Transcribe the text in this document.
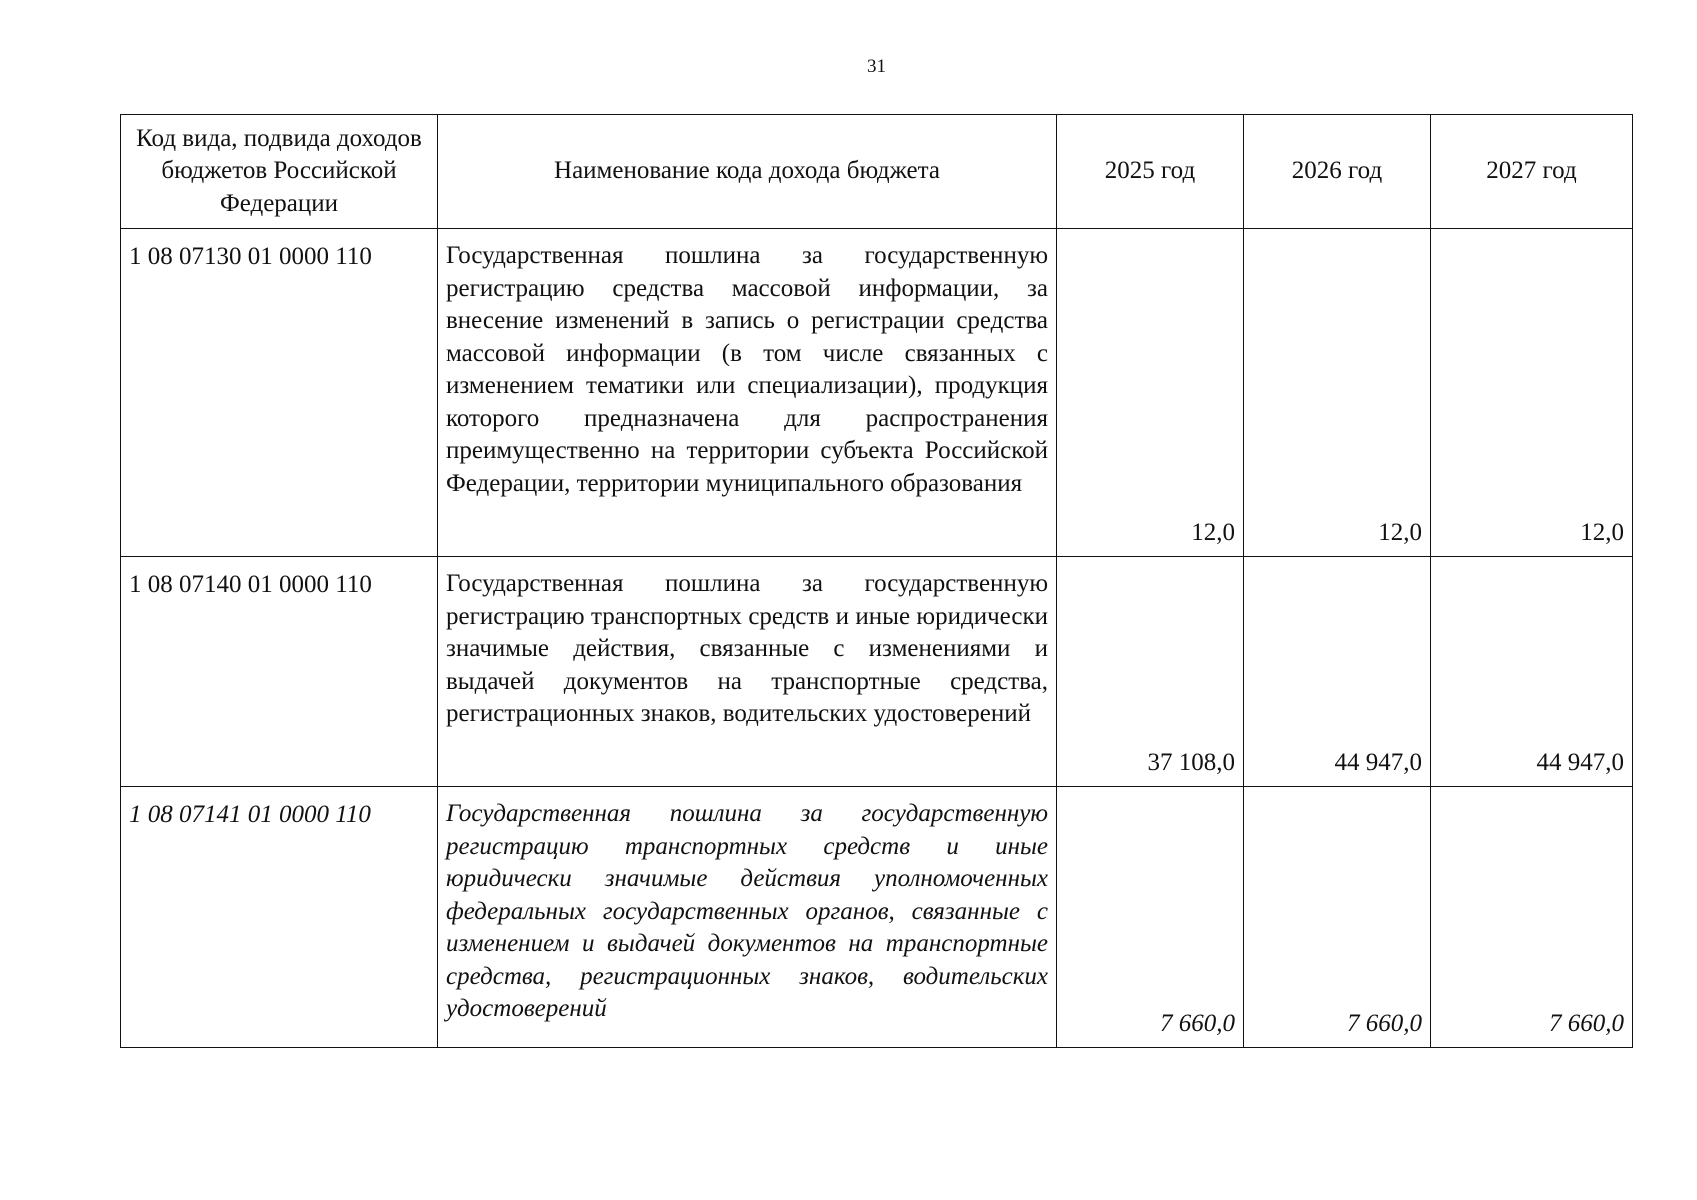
31
Код вида, подвида доходов бюджетов Российской Федерации	Наименование кода дохода бюджета	2025 год	2026 год	2027 год
1 08 07130 01 0000 110	Государственная пошлина за государственную регистрацию средства массовой информации, за внесение изменений в запись о регистрации средства массовой информации (в том числе связанных с изменением тематики или специализации), продукция которого предназначена для распространения преимущественно на территории субъекта Российской Федерации, территории муниципального образования	12,0	12,0	12,0
1 08 07140 01 0000 110	Государственная пошлина за государственную регистрацию транспортных средств и иные юридически значимые действия, связанные с изменениями и выдачей документов на транспортные средства, регистрационных знаков, водительских удостоверений	37 108,0	44 947,0	44 947,0
1 08 07141 01 0000 110	Государственная пошлина за государственную регистрацию транспортных средств и иные юридически значимые действия уполномоченных федеральных государственных органов, связанные с изменением и выдачей документов на транспортные средства, регистрационных знаков, водительских удостоверений	7 660,0	7 660,0	7 660,0
